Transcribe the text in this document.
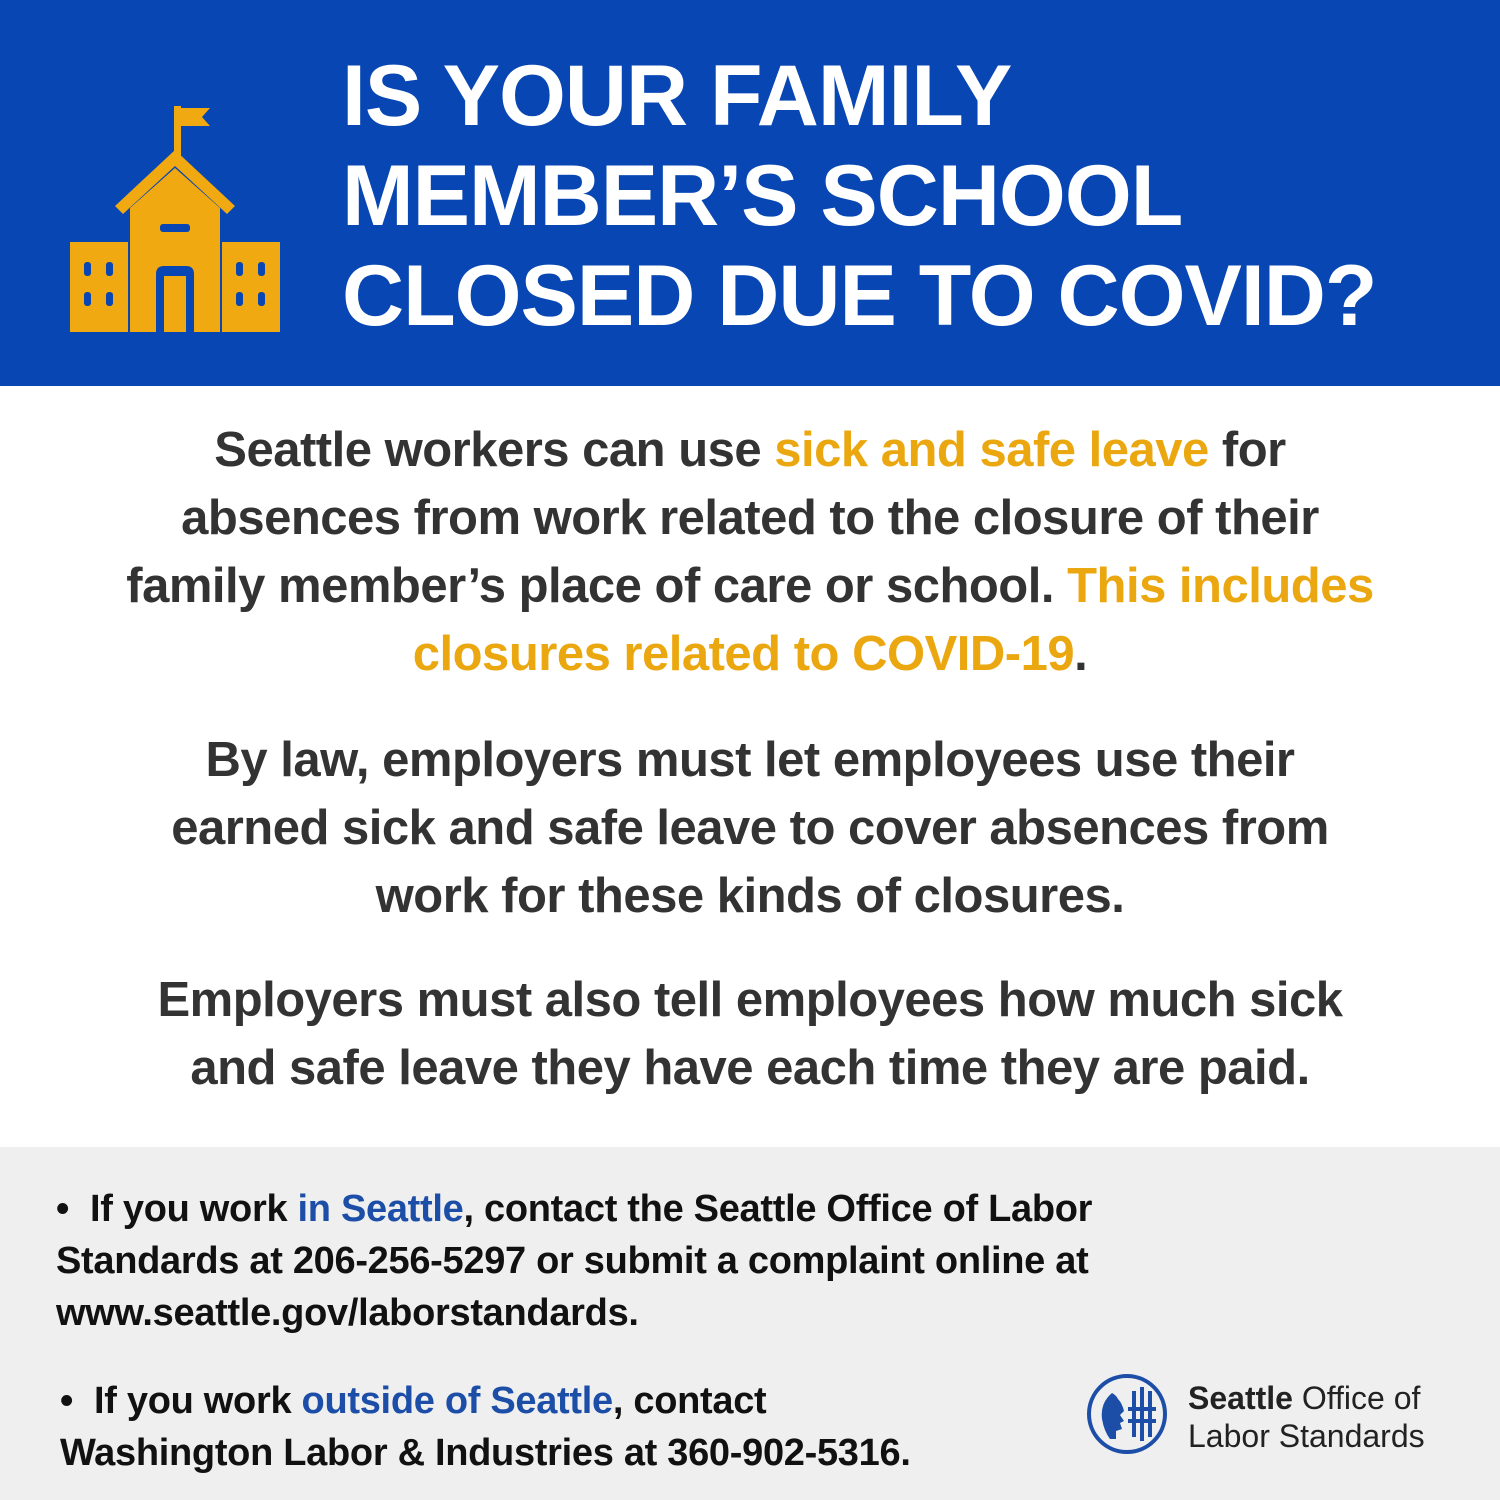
IS YOUR FAMILY
MEMBER’S SCHOOL
CLOSED DUE TO COVID?
Seattle workers can use sick and safe leave for
absences from work related to the closure of their
family member’s place of care or school. This includes
closures related to COVID-19.
By law, employers must let employees use their
earned sick and safe leave to cover absences from
work for these kinds of closures.
Employers must also tell employees how much sick
and safe leave they have each time they are paid.
• If you work in Seattle, contact the Seattle Office of Labor
Standards at 206-256-5297 or submit a complaint online at
www.seattle.gov/laborstandards.
• If you work outside of Seattle, contact
Washington Labor & Industries at 360-902-5316.
Seattle Office of
Labor Standards
